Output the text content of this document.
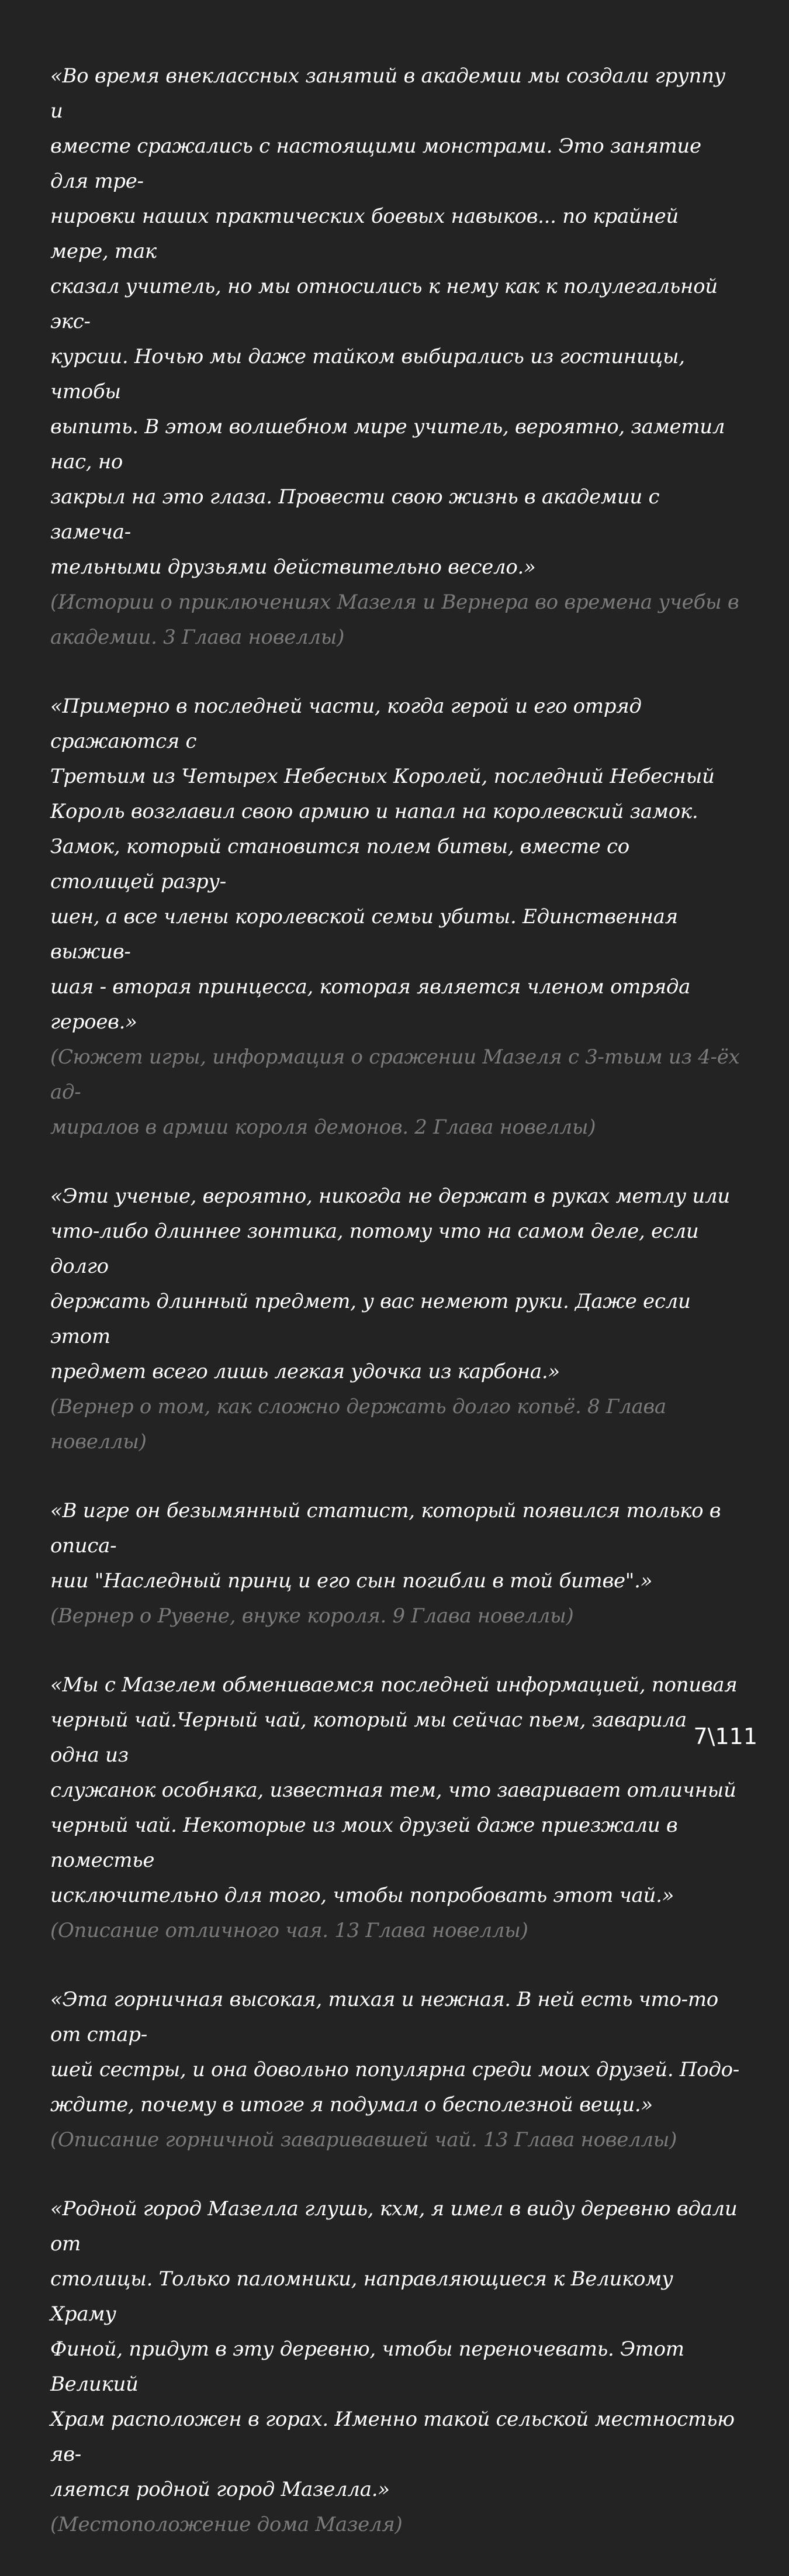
«Во время внеклассных занятий в академии мы создали группу и
вместе сражались с настоящими монстрами. Это занятие для тре-
нировки наших практических боевых навыков... по крайней мере, так
сказал учитель, но мы относились к нему как к полулегальной экс-
курсии. Ночью мы даже тайком выбирались из гостиницы, чтобы
выпить. В этом волшебном мире учитель, вероятно, заметил нас, но
закрыл на это глаза. Провести свою жизнь в академии с замеча-
тельными друзьями действительно весело.»

(Истории о приключениях Мазеля и Вернера во времена учебы в
академии. 3 Глава новеллы)

«Примерно в последней части, когда герой и его отряд сражаются с
Третьим из Четырех Небесных Королей, последний Небесный
Король возглавил свою армию и напал на королевский замок.
Замок, который становится полем битвы, вместе со столицей разру-
шен, а все члены королевской семьи убиты. Единственная выжив-
шая - вторая принцесса, которая является членом отряда героев.»

(Сюжет игры, информация о сражении Мазеля с 3-тьим из 4-ёх ад-
миралов в армии короля демонов. 2 Глава новеллы)

«Эти ученые, вероятно, никогда не держат в руках метлу или
что-либо длиннее зонтика, потому что на самом деле, если долго
держать длинный предмет, у вас немеют руки. Даже если этот
предмет всего лишь легкая удочка из карбона.»

(Вернер о том, как сложно держать долго копьё. 8 Глава новеллы)

«В игре он безымянный статист, который появился только в описа-
нии "Наследный принц и его сын погибли в той битве".»

(Вернер о Рувене, внуке короля. 9 Глава новеллы)

«Мы с Мазелем обмениваемся последней информацией, попивая
черный чай.Черный чай, который мы сейчас пьем, заварила одна из
служанок особняка, известная тем, что заваривает отличный
черный чай. Некоторые из моих друзей даже приезжали в поместье
исключительно для того, чтобы попробовать этот чай.»

(Описание отличного чая. 13 Глава новеллы)

«Эта горничная высокая, тихая и нежная. В ней есть что-то от стар-
шей сестры, и она довольно популярна среди моих друзей. Подо-
ждите, почему в итоге я подумал о бесполезной вещи.»

(Описание горничной заваривавшей чай. 13 Глава новеллы)

«Родной город Мазелла глушь, кхм, я имел в виду деревню вдали от
столицы. Только паломники, направляющиеся к Великому Храму
Финой, придут в эту деревню, чтобы переночевать. Этот Великий
Храм расположен в горах. Именно такой сельской местностью яв-
ляется родной город Мазелла.»

(Местоположение дома Мазеля)

7\111
